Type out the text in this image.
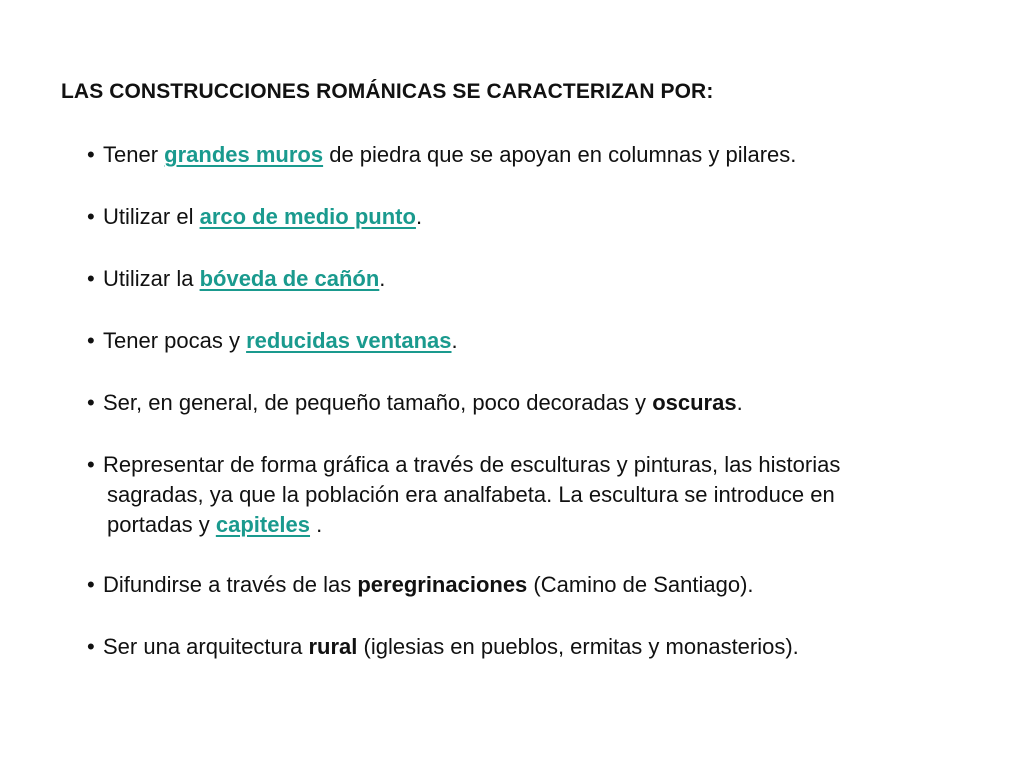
LAS CONSTRUCCIONES ROMÁNICAS SE CARACTERIZAN POR:
• Tener grandes muros de piedra que se apoyan en columnas y pilares.
• Utilizar el arco de medio punto.
• Utilizar la bóveda de cañón.
• Tener pocas y reducidas ventanas.
• Ser, en general, de pequeño tamaño, poco decoradas y oscuras.
• Representar de forma gráfica a través de esculturas y pinturas, las historias
sagradas, ya que la población era analfabeta. La escultura se introduce en
portadas y capiteles .
• Difundirse a través de las peregrinaciones (Camino de Santiago).
• Ser una arquitectura rural (iglesias en pueblos, ermitas y monasterios).
